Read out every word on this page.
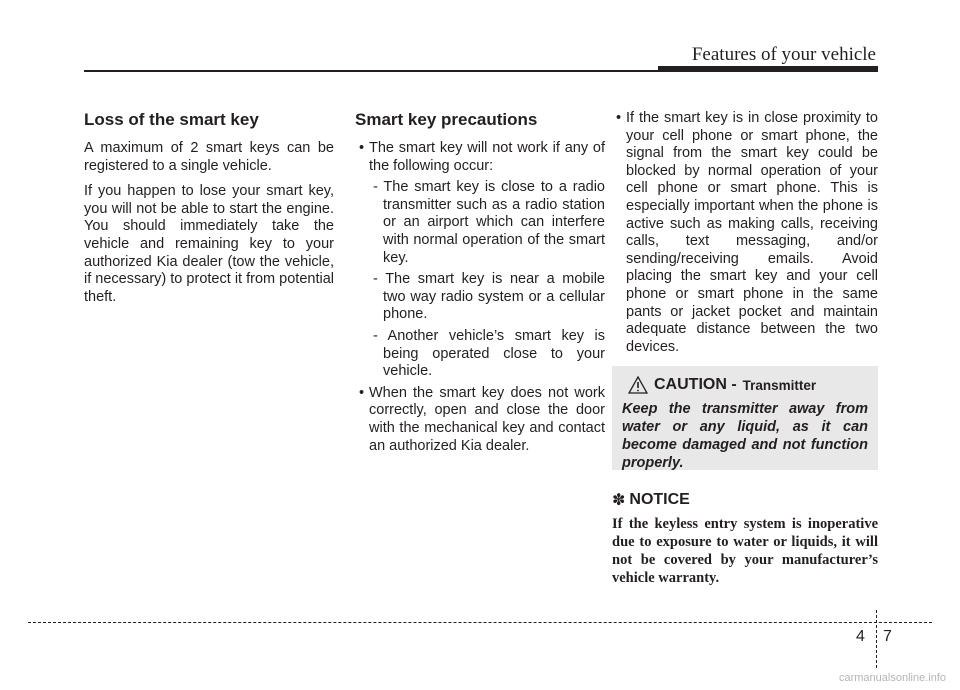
Features of your vehicle
Loss of the smart key

A maximum of 2 smart keys can be registered to a single vehicle.

If you happen to lose your smart key, you will not be able to start the engine. You should immediately take the vehicle and remaining key to your authorized Kia dealer (tow the vehicle, if necessary) to protect it from potential theft.

Smart key precautions
• The smart key will not work if any of the following occur:
- The smart key is close to a radio transmitter such as a radio station or an airport which can interfere with normal operation of the smart key.
- The smart key is near a mobile two way radio system or a cellular phone.
- Another vehicle’s smart key is being operated close to your vehicle.
• When the smart key does not work correctly, open and close the door with the mechanical key and contact an authorized Kia dealer.
• If the smart key is in close proximity to your cell phone or smart phone, the signal from the smart key could be blocked by normal operation of your cell phone or smart phone. This is especially important when the phone is active such as making calls, receiving calls, text messaging, and/or sending/receiving emails. Avoid placing the smart key and your cell phone or smart phone in the same pants or jacket pocket and maintain adequate distance between the two devices.
CAUTION - Transmitter

Keep the transmitter away from water or any liquid, as it can become damaged and not function properly.

✽ NOTICE

If the keyless entry system is inoperative due to exposure to water or liquids, it will not be covered by your manufacturer’s vehicle warranty.

4 7
carmanualsonline.info
